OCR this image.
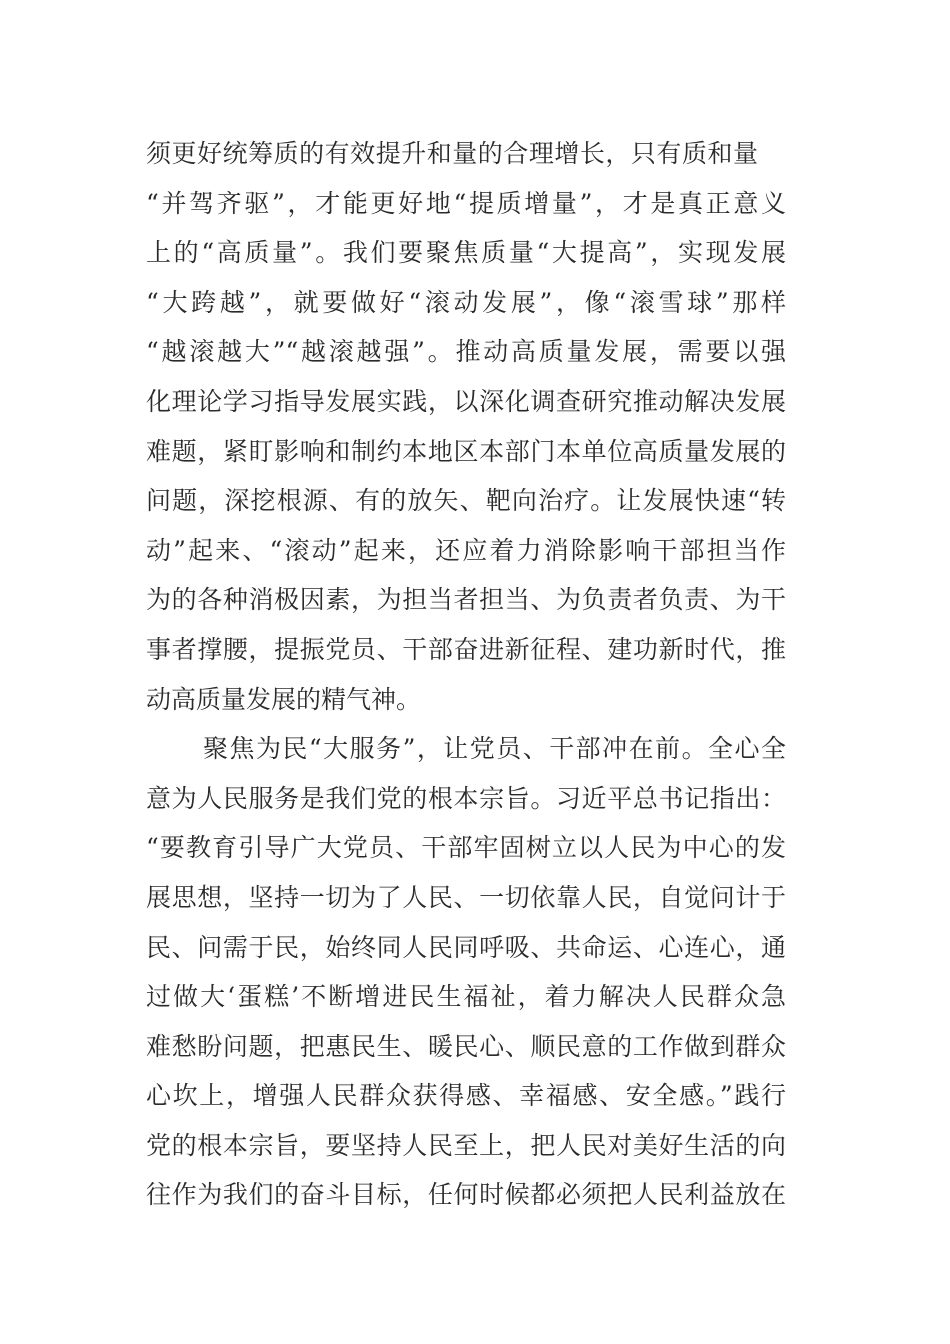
须更好统筹质的有效提升和量的合理增长，只有质和量
“并驾齐驱”，才能更好地“提质增量”，才是真正意义
上的“高质量”。我们要聚焦质量“大提高”，实现发展
“大跨越”，就要做好“滚动发展”，像“滚雪球”那样
“越滚越大”“越滚越强”。推动高质量发展，需要以强
化理论学习指导发展实践，以深化调查研究推动解决发展
难题，紧盯影响和制约本地区本部门本单位高质量发展的
问题，深挖根源、有的放矢、靶向治疗。让发展快速“转
动”起来、“滚动”起来，还应着力消除影响干部担当作
为的各种消极因素，为担当者担当、为负责者负责、为干
事者撑腰，提振党员、干部奋进新征程、建功新时代，推
动高质量发展的精气神。
聚焦为民“大服务”，让党员、干部冲在前。全心全
意为人民服务是我们党的根本宗旨。习近平总书记指出：
“要教育引导广大党员、干部牢固树立以人民为中心的发
展思想，坚持一切为了人民、一切依靠人民，自觉问计于
民、问需于民，始终同人民同呼吸、共命运、心连心，通
过做大‘蛋糕’不断增进民生福祉，着力解决人民群众急
难愁盼问题，把惠民生、暖民心、顺民意的工作做到群众
心坎上，增强人民群众获得感、幸福感、安全感。”践行
党的根本宗旨，要坚持人民至上，把人民对美好生活的向
往作为我们的奋斗目标，任何时候都必须把人民利益放在
